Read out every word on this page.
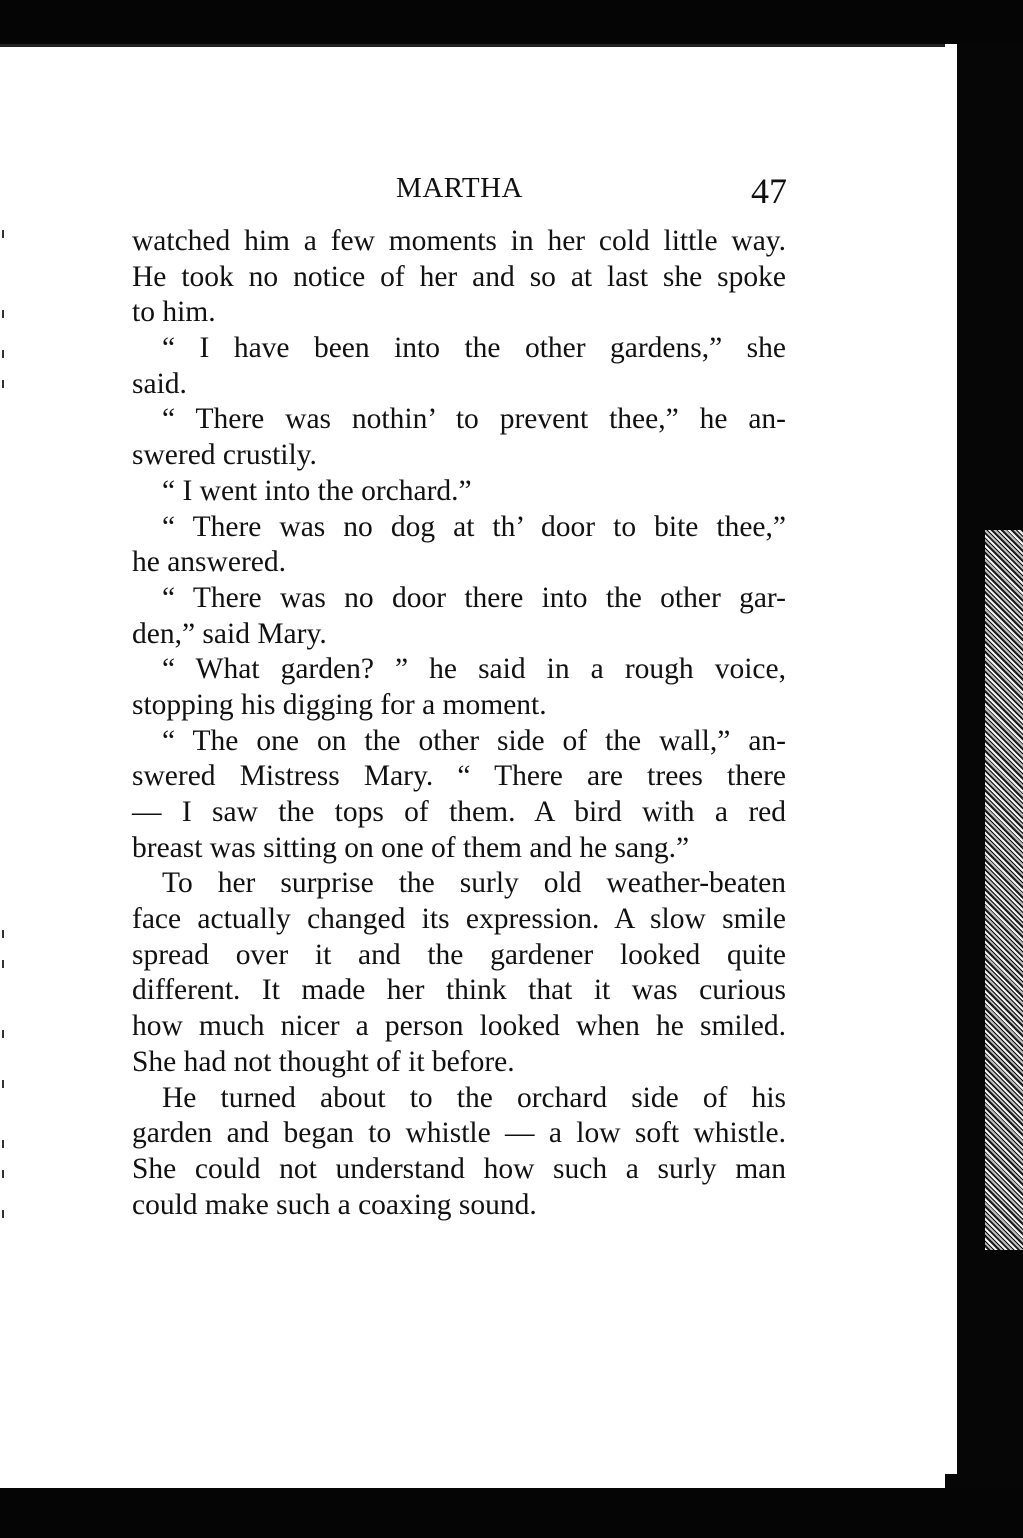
MARTHA	47
watched him a few moments in her cold little way.
He took no notice of her and so at last she spoke
to him.
“ I have been into the other gardens,” she
said.
“ There was nothin’ to prevent thee,” he an-
swered crustily.
“ I went into the orchard.”
“ There was no dog at th’ door to bite thee,”
he answered.
“ There was no door there into the other gar-
den,” said Mary.
“ What garden? ” he said in a rough voice,
stopping his digging for a moment.
“ The one on the other side of the wall,” an-
swered Mistress Mary. “ There are trees there
— I saw the tops of them. A bird with a red
breast was sitting on one of them and he sang.”
To her surprise the surly old weather-beaten
face actually changed its expression. A slow smile
spread over it and the gardener looked quite
different. It made her think that it was curious
how much nicer a person looked when he smiled.
She had not thought of it before.
He turned about to the orchard side of his
garden and began to whistle — a low soft whistle.
She could not understand how such a surly man
could make such a coaxing sound.
